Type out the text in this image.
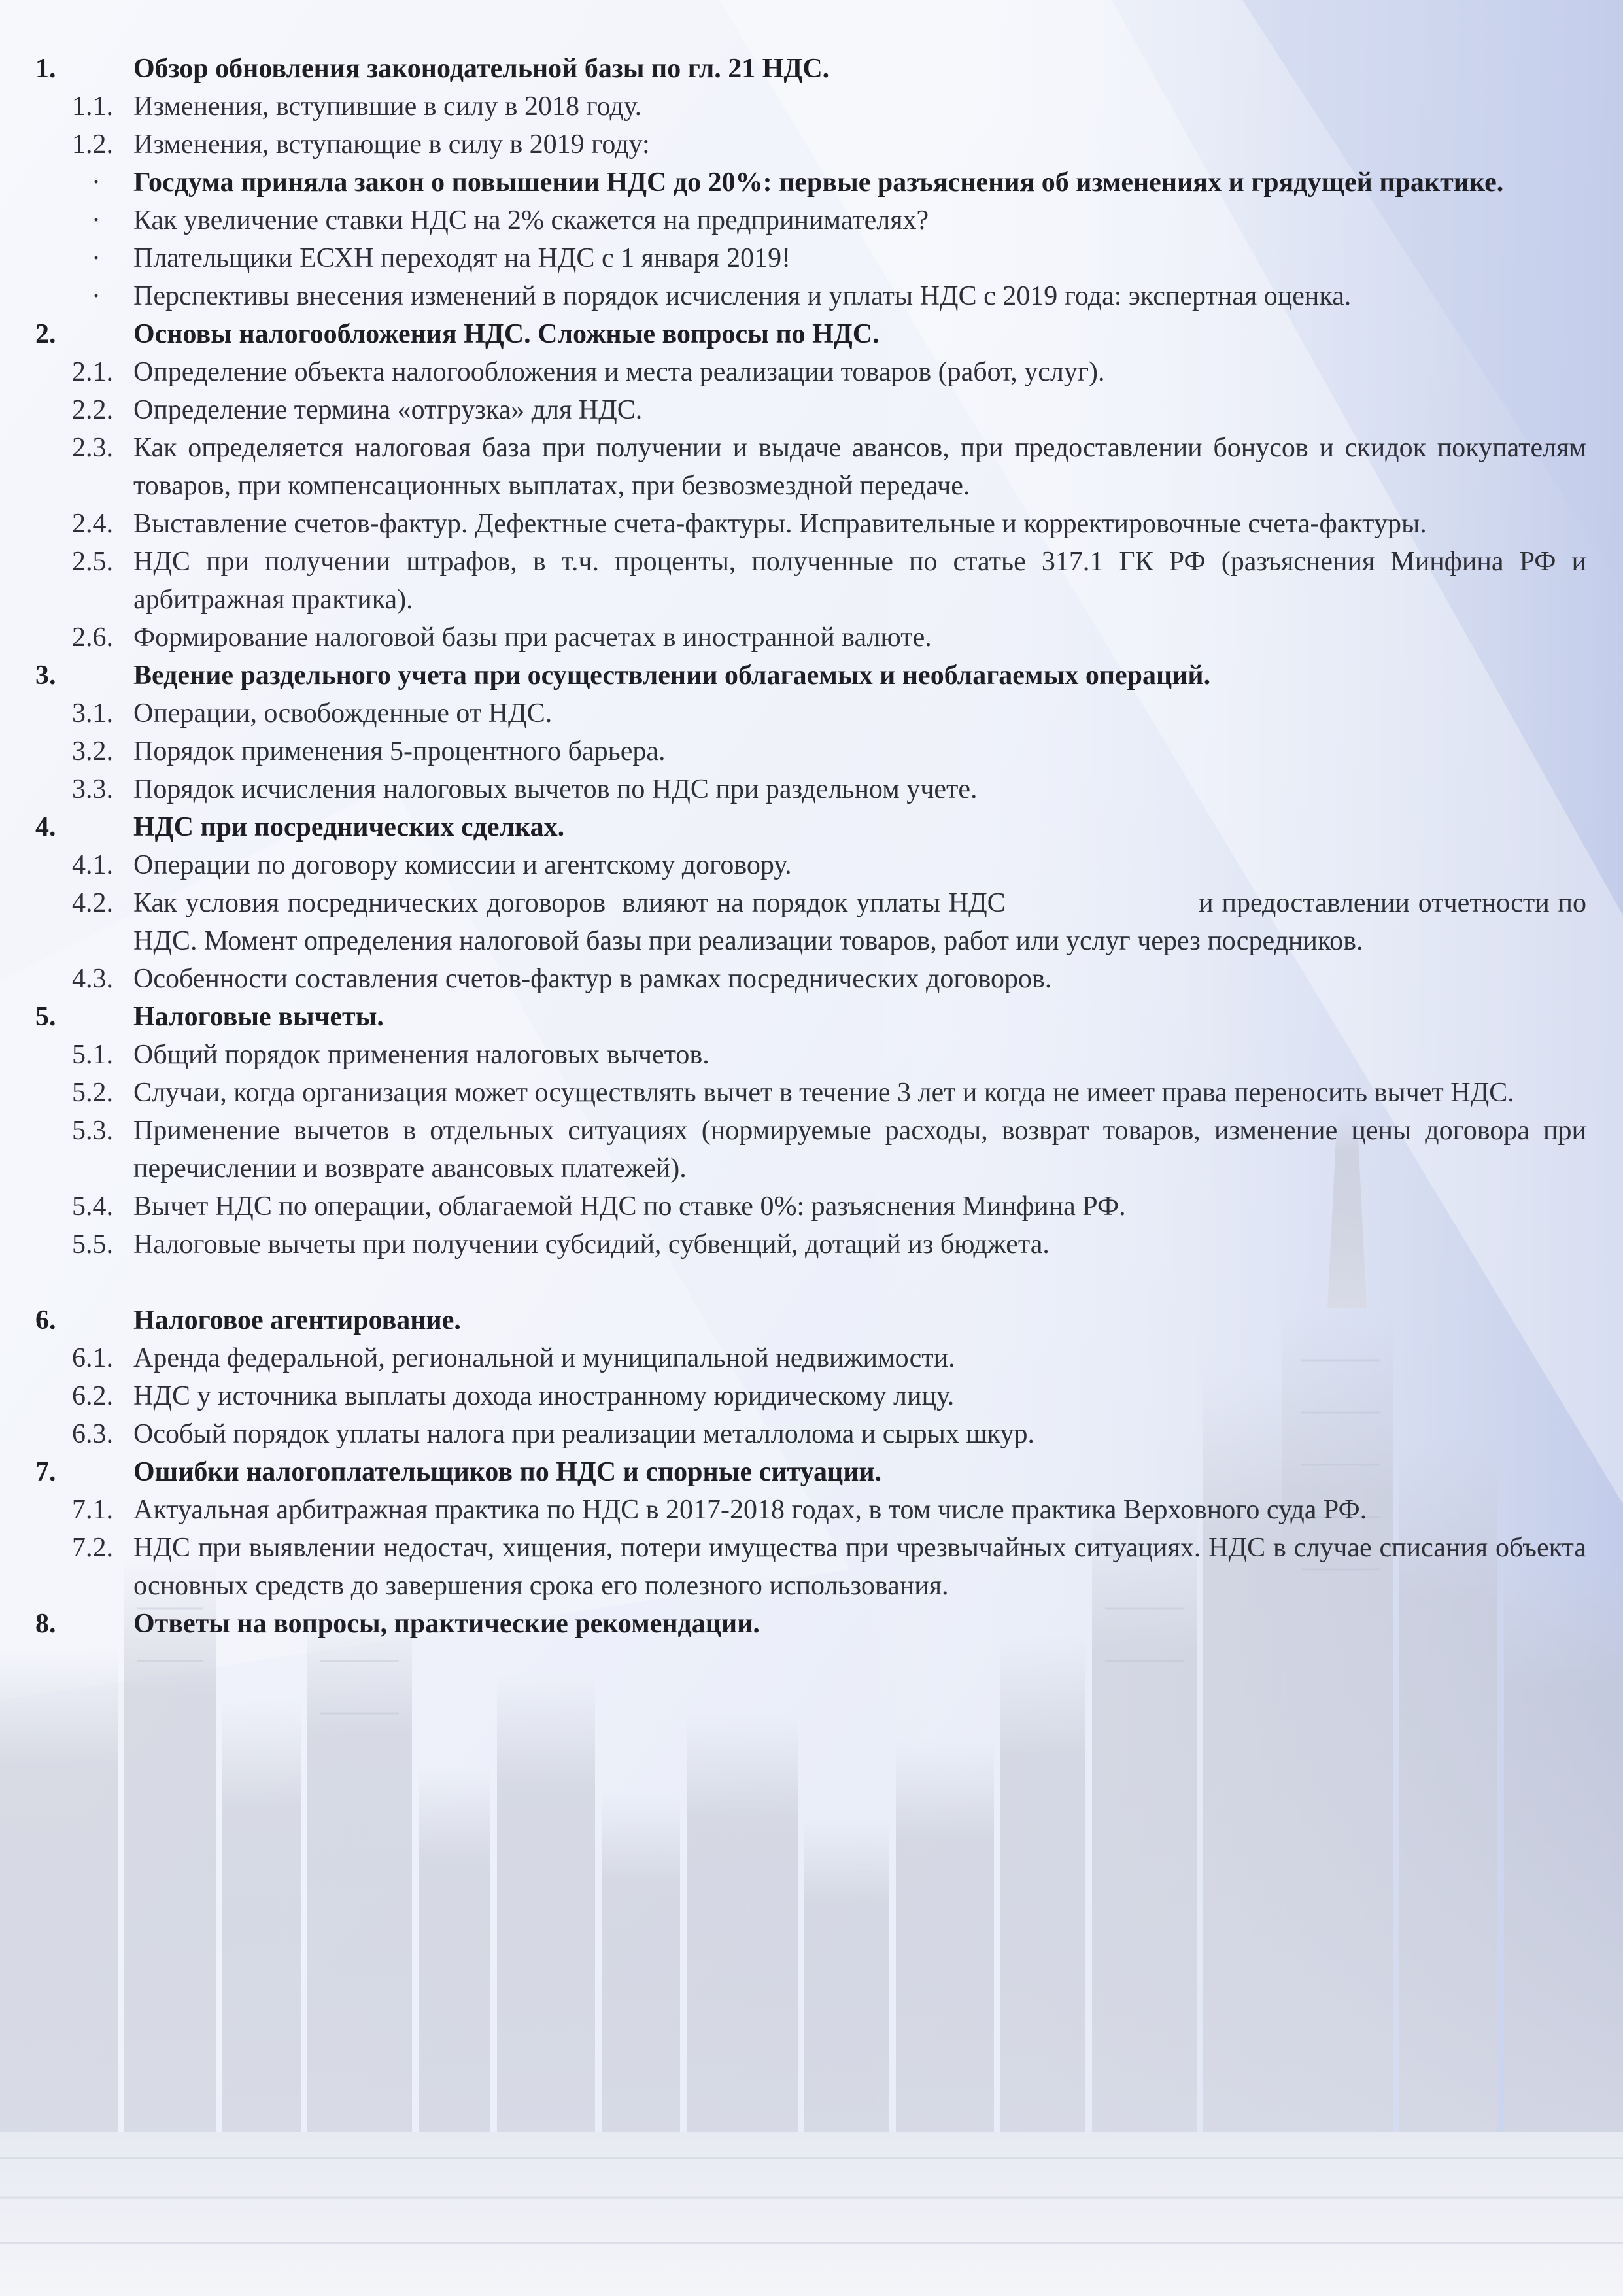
1.	Обзор обновления законодательной базы по гл. 21 НДС.
1.1. Изменения, вступившие в силу в 2018 году.
1.2. Изменения, вступающие в силу в 2019 году:
· Госдума приняла закон о повышении НДС до 20%: первые разъяснения об изменениях и грядущей практике.
· Как увеличение ставки НДС на 2% скажется на предпринимателях?
· Плательщики ЕСХН переходят на НДС с 1 января 2019!
· Перспективы внесения изменений в порядок исчисления и уплаты НДС с 2019 года: экспертная оценка.
2.	Основы налогообложения НДС. Сложные вопросы по НДС.
2.1. Определение объекта налогообложения и места реализации товаров (работ, услуг).
2.2. Определение термина «отгрузка» для НДС.
2.3. Как определяется налоговая база при получении и выдаче авансов, при предоставлении бонусов и скидок покупателям товаров, при компенсационных выплатах, при безвозмездной передаче.
2.4. Выставление счетов-фактур. Дефектные счета-фактуры. Исправительные и корректировочные счета-фактуры.
2.5. НДС при получении штрафов, в т.ч. проценты, полученные по статье 317.1 ГК РФ (разъяснения Минфина РФ и арбитражная практика).
2.6. Формирование налоговой базы при расчетах в иностранной валюте.
3.	Ведение раздельного учета при осуществлении облагаемых и необлагаемых операций.
3.1. Операции, освобожденные от НДС.
3.2. Порядок применения 5-процентного барьера.
3.3. Порядок исчисления налоговых вычетов по НДС при раздельном учете.
4.	НДС при посреднических сделках.
4.1. Операции по договору комиссии и агентскому договору.
4.2. Как условия посреднических договоров  влияют на порядок уплаты НДС                       и предоставлении отчетности по  НДС. Момент определения налоговой базы при реализации товаров, работ или услуг через посредников.
4.3. Особенности составления счетов-фактур в рамках посреднических договоров.
5.	Налоговые вычеты.
5.1. Общий порядок применения налоговых вычетов.
5.2. Случаи, когда организация может осуществлять вычет в течение 3 лет и когда не имеет права переносить вычет НДС.
5.3. Применение вычетов в отдельных ситуациях (нормируемые расходы, возврат товаров, изменение цены договора при перечислении и возврате авансовых платежей).
5.4. Вычет НДС по операции, облагаемой НДС по ставке 0%: разъяснения Минфина РФ.
5.5. Налоговые вычеты при получении субсидий, субвенций, дотаций из бюджета.
6.	Налоговое агентирование.
6.1. Аренда федеральной, региональной и муниципальной недвижимости.
6.2. НДС у источника выплаты дохода иностранному юридическому лицу.
6.3. Особый порядок уплаты налога при реализации металлолома и сырых шкур.
7.	Ошибки налогоплательщиков по НДС и спорные ситуации.
7.1. Актуальная арбитражная практика по НДС в 2017-2018 годах, в том числе практика Верховного суда РФ.
7.2. НДС при выявлении недостач, хищения, потери имущества при чрезвычайных ситуациях. НДС в случае списания объекта основных средств до завершения срока его полезного использования.
8.	Ответы на вопросы, практические рекомендации.
